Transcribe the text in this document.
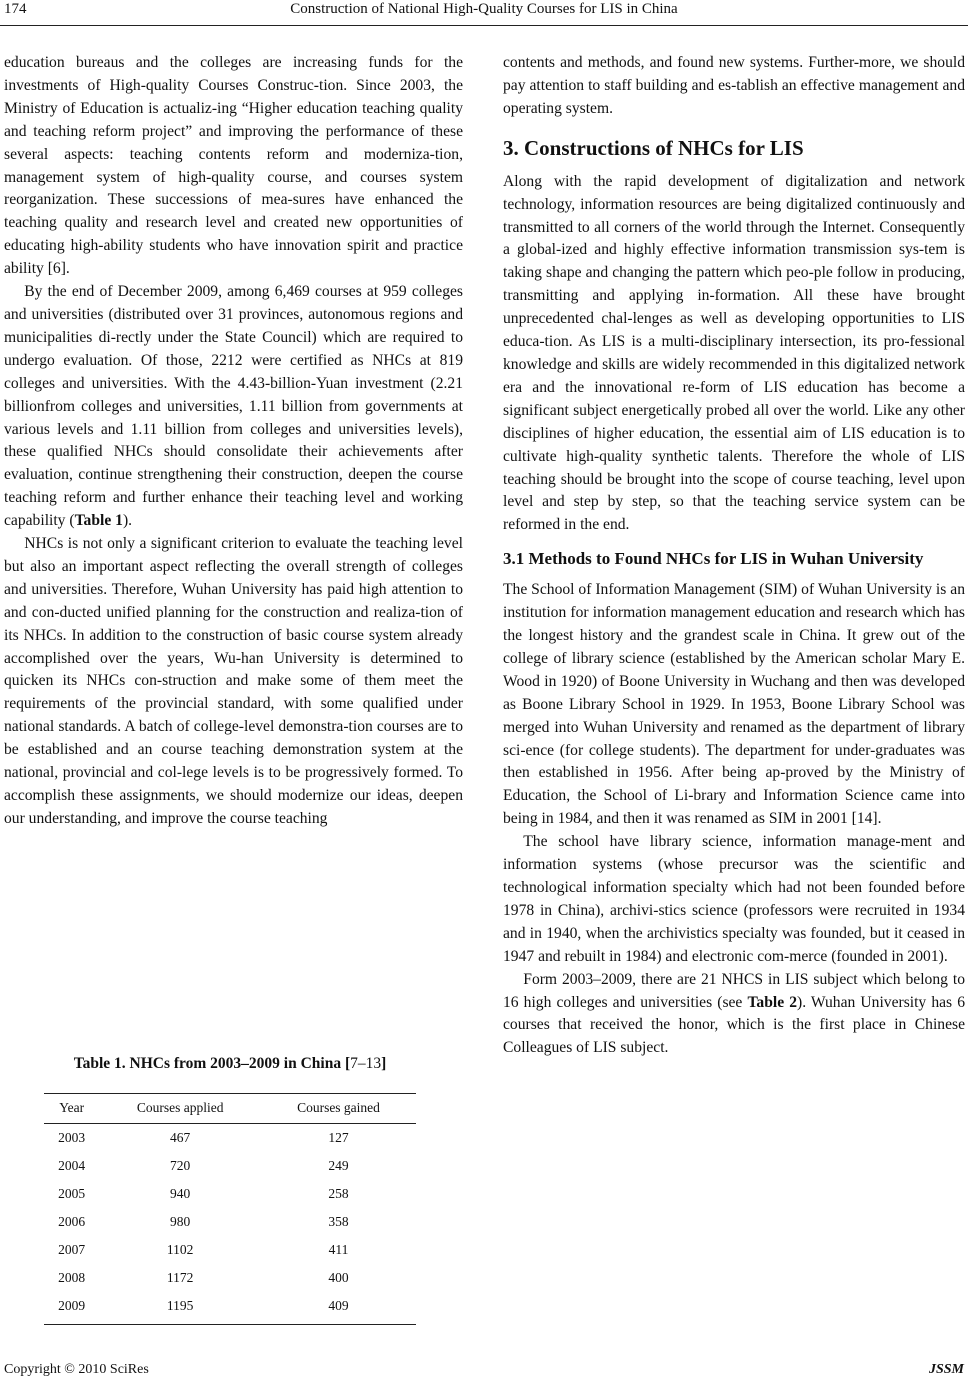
174	Construction of National High-Quality Courses for LIS in China

education bureaus and the colleges are increasing funds for the investments of High-quality Courses Construc-tion. Since 2003, the Ministry of Education is actualiz-ing “Higher education teaching quality and teaching reform project” and improving the performance of these several aspects: teaching contents reform and moderniza-tion, management system of high-quality course, and courses system reorganization. These successions of mea-sures have enhanced the teaching quality and research level and created new opportunities of educating high-ability students who have innovation spirit and practice ability [6].

By the end of December 2009, among 6,469 courses at 959 colleges and universities (distributed over 31 provinces, autonomous regions and municipalities di-rectly under the State Council) which are required to undergo evaluation. Of those, 2212 were certified as NHCs at 819 colleges and universities. With the 4.43-billion-Yuan investment (2.21 billionfrom colleges and universities, 1.11 billion from governments at various levels and 1.11 billion from colleges and universities levels), these qualified NHCs should consolidate their achievements after evaluation, continue strengthening their construction, deepen the course teaching reform and further enhance their teaching level and working capability (Table 1).

NHCs is not only a significant criterion to evaluate the teaching level but also an important aspect reflecting the overall strength of colleges and universities. Therefore, Wuhan University has paid high attention to and con-ducted unified planning for the construction and realiza-tion of its NHCs. In addition to the construction of basic course system already accomplished over the years, Wu-han University is determined to quicken its NHCs con-struction and make some of them meet the requirements of the provincial standard, with some qualified under national standards. A batch of college-level demonstra-tion courses are to be established and an course teaching demonstration system at the national, provincial and col-lege levels is to be progressively formed. To accomplish these assignments, we should modernize our ideas, deepen our understanding, and improve the course teaching

Table 1. NHCs from 2003–2009 in China [7–13]
Year	Courses applied	Courses gained
2003	467	127
2004	720	249
2005	940	258
2006	980	358
2007	1102	411
2008	1172	400
2009	1195	409

contents and methods, and found new systems. Further-more, we should pay attention to staff building and es-tablish an effective management and operating system.

3. Constructions of NHCs for LIS

Along with the rapid development of digitalization and network technology, information resources are being digitalized continuously and transmitted to all corners of the world through the Internet. Consequently a global-ized and highly effective information transmission sys-tem is taking shape and changing the pattern which peo-ple follow in producing, transmitting and applying in-formation. All these have brought unprecedented chal-lenges as well as developing opportunities to LIS educa-tion. As LIS is a multi-disciplinary intersection, its pro-fessional knowledge and skills are widely recommended in this digitalized network era and the innovational re-form of LIS education has become a significant subject energetically probed all over the world. Like any other disciplines of higher education, the essential aim of LIS education is to cultivate high-quality synthetic talents. Therefore the whole of LIS teaching should be brought into the scope of course teaching, level upon level and step by step, so that the teaching service system can be reformed in the end.

3.1 Methods to Found NHCs for LIS in Wuhan University

The School of Information Management (SIM) of Wuhan University is an institution for information management education and research which has the longest history and the grandest scale in China. It grew out of the college of library science (established by the American scholar Mary E. Wood in 1920) of Boone University in Wuchang and then was developed as Boone Library School in 1929. In 1953, Boone Library School was merged into Wuhan University and renamed as the department of library sci-ence (for college students). The department for under-graduates was then established in 1956. After being ap-proved by the Ministry of Education, the School of Li-brary and Information Science came into being in 1984, and then it was renamed as SIM in 2001 [14].

The school have library science, information manage-ment and information systems (whose precursor was the scientific and technological information specialty which had not been founded before 1978 in China), archivi-stics science (professors were recruited in 1934 and in 1940, when the archivistics specialty was founded, but it ceased in 1947 and rebuilt in 1984) and electronic com-merce (founded in 2001).

Form 2003–2009, there are 21 NHCS in LIS subject which belong to 16 high colleges and universities (see Table 2). Wuhan University has 6 courses that received the honor, which is the first place in Chinese Colleagues of LIS subject.

Copyright © 2010 SciRes	JSSM
